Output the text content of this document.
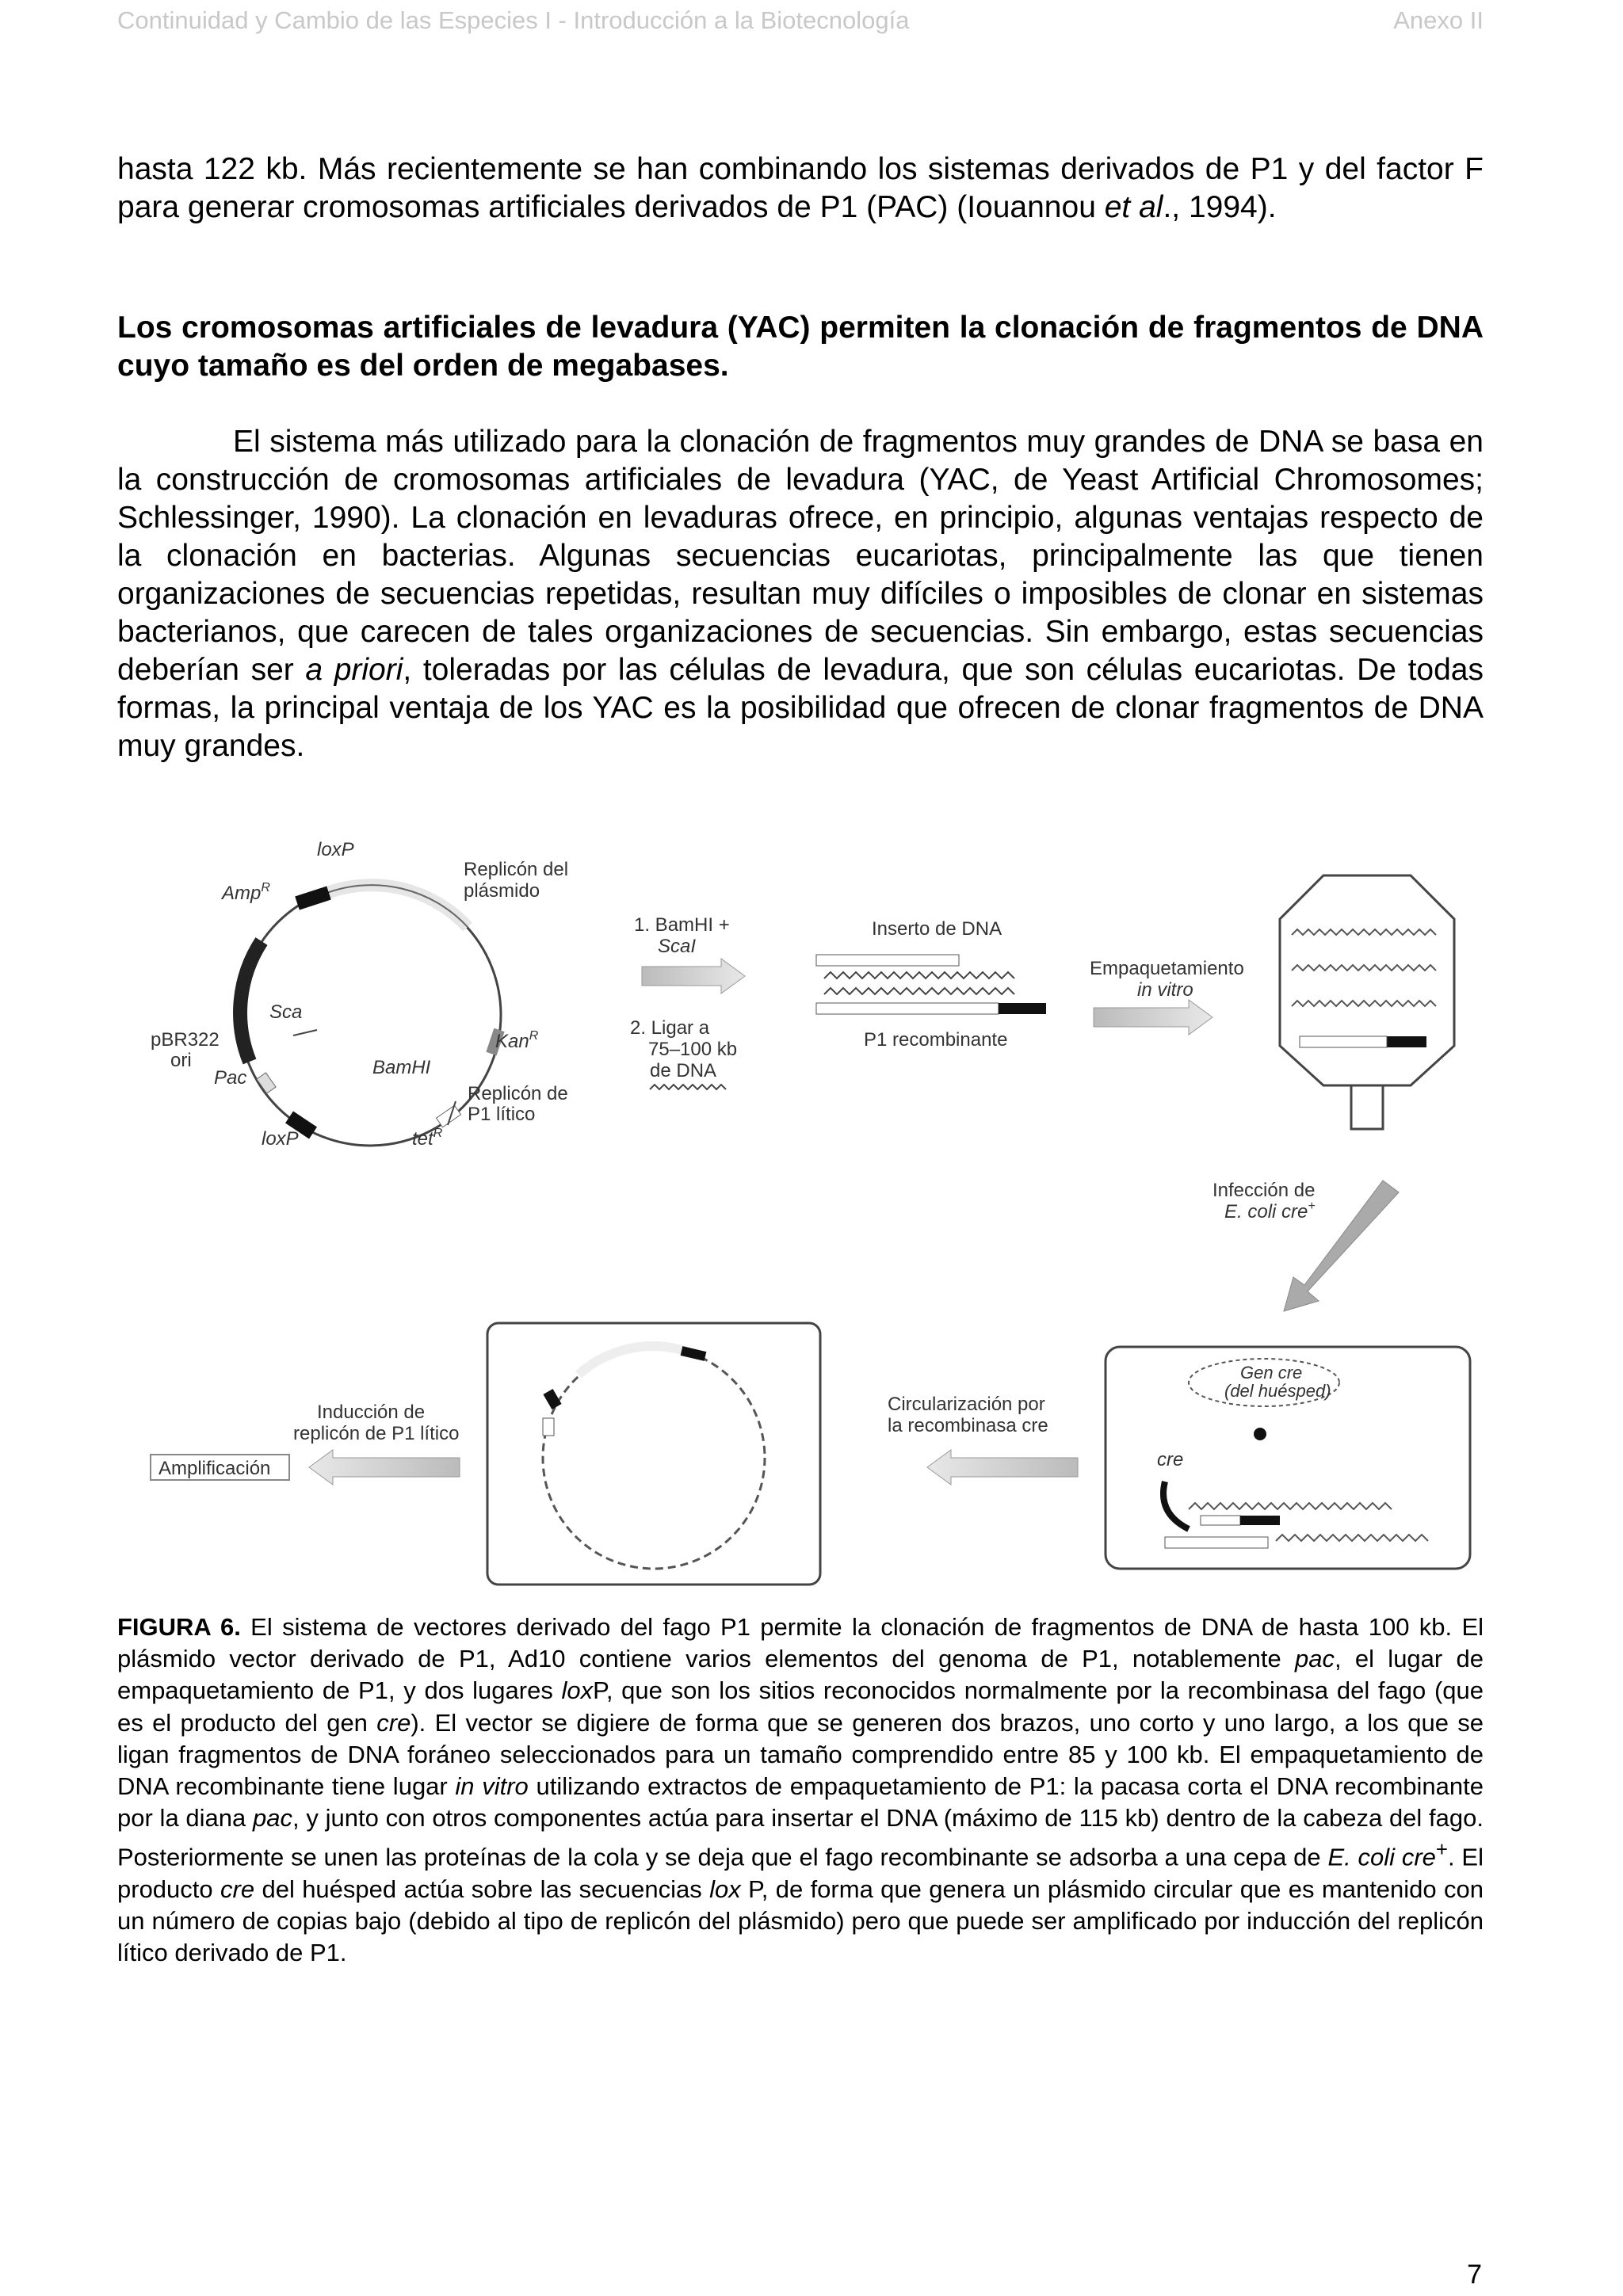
Continuidad y Cambio de las Especies I - Introducción a la Biotecnología	Anexo II

hasta 122 kb. Más recientemente se han combinando los sistemas derivados de P1 y del factor F para generar cromosomas artificiales derivados de P1 (PAC) (Iouannou et al., 1994).

Los cromosomas artificiales de levadura (YAC) permiten la clonación de fragmentos de DNA cuyo tamaño es del orden de megabases.

El sistema más utilizado para la clonación de fragmentos muy grandes de DNA se basa en la construcción de cromosomas artificiales de levadura (YAC, de Yeast Artificial Chromosomes; Schlessinger, 1990). La clonación en levaduras ofrece, en principio, algunas ventajas respecto de la clonación en bacterias. Algunas secuencias eucariotas, principalmente las que tienen organizaciones de secuencias repetidas, resultan muy difíciles o imposibles de clonar en sistemas bacterianos, que carecen de tales organizaciones de secuencias. Sin embargo, estas secuencias deberían ser a priori, toleradas por las células de levadura, que son células eucariotas. De todas formas, la principal ventaja de los YAC es la posibilidad que ofrecen de clonar fragmentos de DNA muy grandes.

loxP
Amp$^R$
Replicón del
plásmido
Sca
pBR322
ori
Pac	BamHI
Kan$^R$
Replicón de
P1 lítico
loxP	tet$^R$
1. BamHI +
ScaI
2. Ligar a
75–100 kb
de DNA
Inserto de DNA
P1 recombinante
Empaquetamiento
in vitro
Infección de
E. coli cre+
Gen cre
(del huésped)
cre
Circularización por
la recombinasa cre
Inducción de
replicón de P1 lítico
Amplificación

FIGURA 6. El sistema de vectores derivado del fago P1 permite la clonación de fragmentos de DNA de hasta 100 kb. El plásmido vector derivado de P1, Ad10 contiene varios elementos del genoma de P1, notablemente pac, el lugar de empaquetamiento de P1, y dos lugares loxP, que son los sitios reconocidos normalmente por la recombinasa del fago (que es el producto del gen cre). El vector se digiere de forma que se generen dos brazos, uno corto y uno largo, a los que se ligan fragmentos de DNA foráneo seleccionados para un tamaño comprendido entre 85 y 100 kb. El empaquetamiento de DNA recombinante tiene lugar in vitro utilizando extractos de empaquetamiento de P1: la pacasa corta el DNA recombinante por la diana pac, y junto con otros componentes actúa para insertar el DNA (máximo de 115 kb) dentro de la cabeza del fago. Posteriormente se unen las proteínas de la cola y se deja que el fago recombinante se adsorba a una cepa de E. coli cre+. El producto cre del huésped actúa sobre las secuencias lox P, de forma que genera un plásmido circular que es mantenido con un número de copias bajo (debido al tipo de replicón del plásmido) pero que puede ser amplificado por inducción del replicón lítico derivado de P1.

7
